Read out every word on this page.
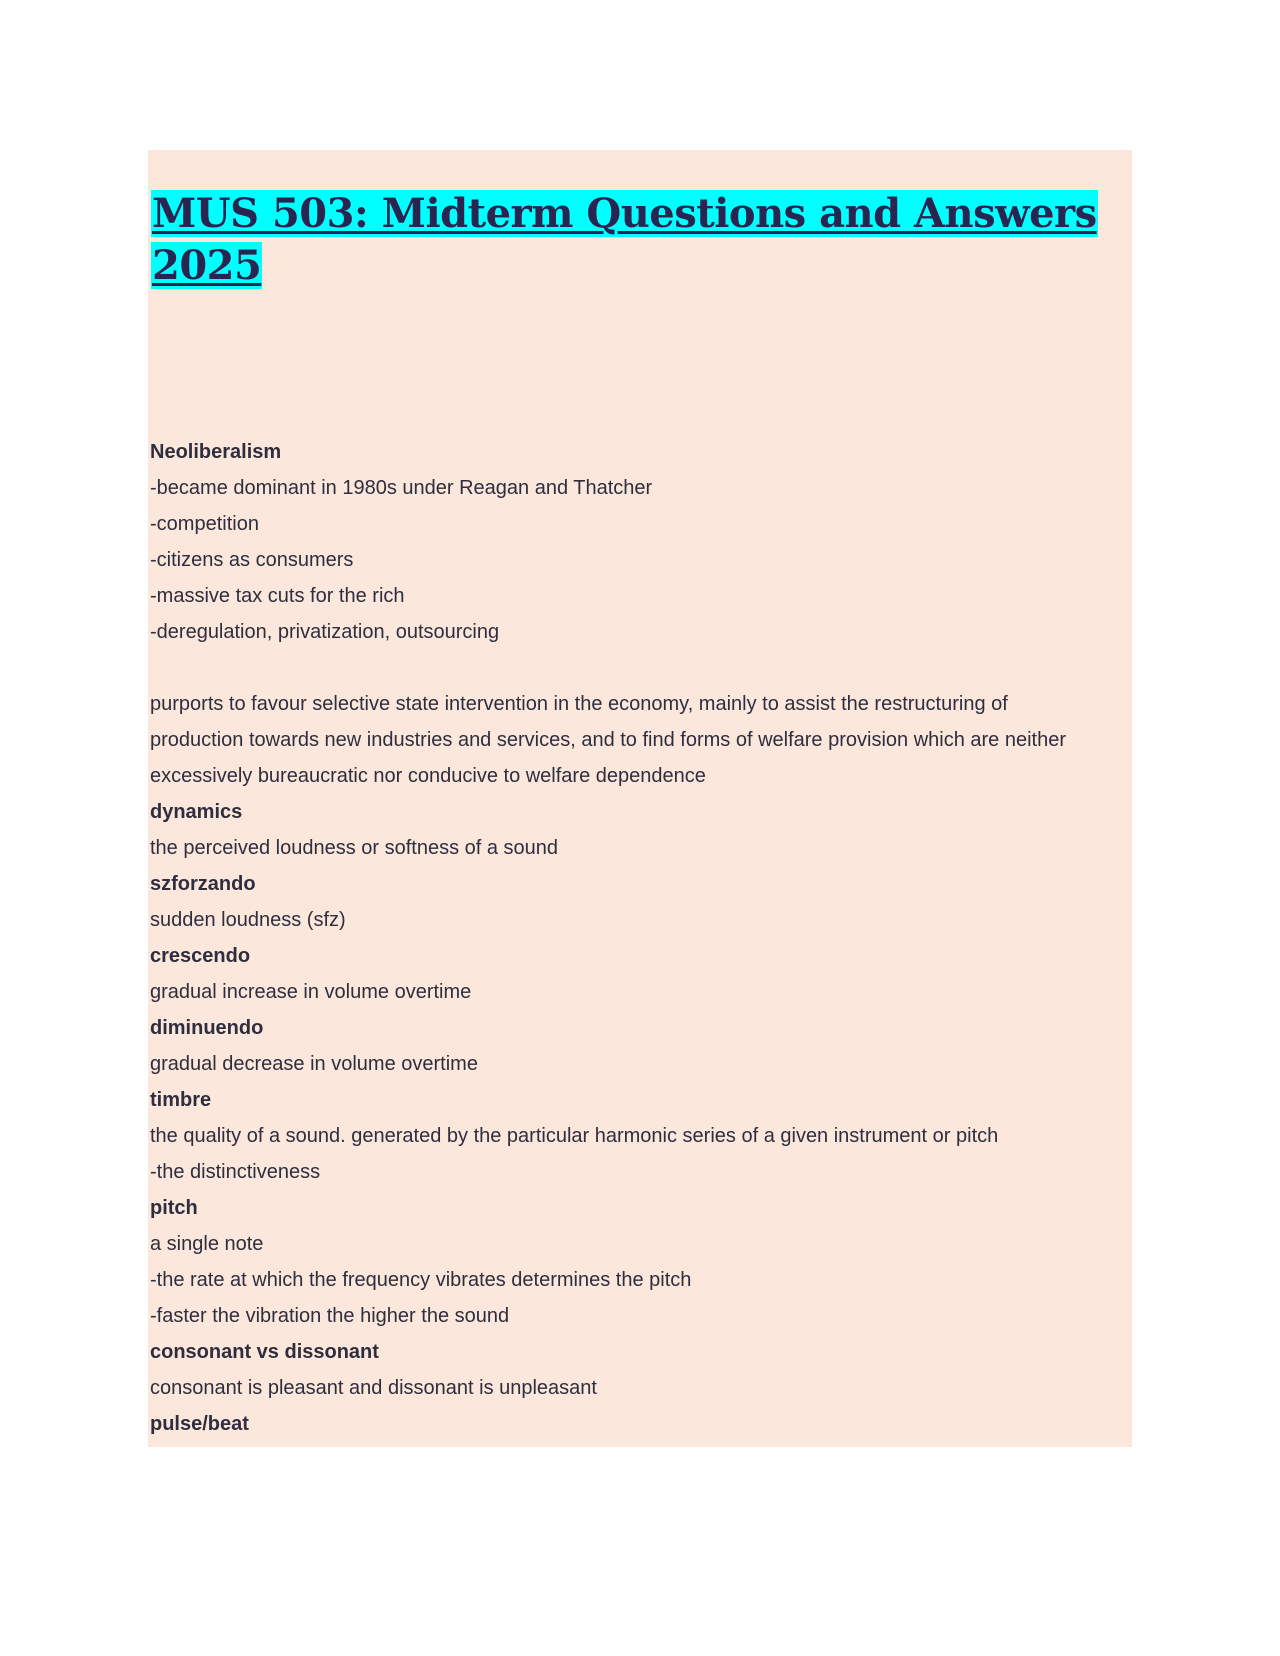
MUS 503: Midterm Questions and Answers 2025
Neoliberalism
-became dominant in 1980s under Reagan and Thatcher
-competition
-citizens as consumers
-massive tax cuts for the rich
-deregulation, privatization, outsourcing
purports to favour selective state intervention in the economy, mainly to assist the restructuring of
production towards new industries and services, and to find forms of welfare provision which are neither
excessively bureaucratic nor conducive to welfare dependence
dynamics
the perceived loudness or softness of a sound
szforzando
sudden loudness (sfz)
crescendo
gradual increase in volume overtime
diminuendo
gradual decrease in volume overtime
timbre
the quality of a sound. generated by the particular harmonic series of a given instrument or pitch
-the distinctiveness
pitch
a single note
-the rate at which the frequency vibrates determines the pitch
-faster the vibration the higher the sound
consonant vs dissonant
consonant is pleasant and dissonant is unpleasant
pulse/beat
